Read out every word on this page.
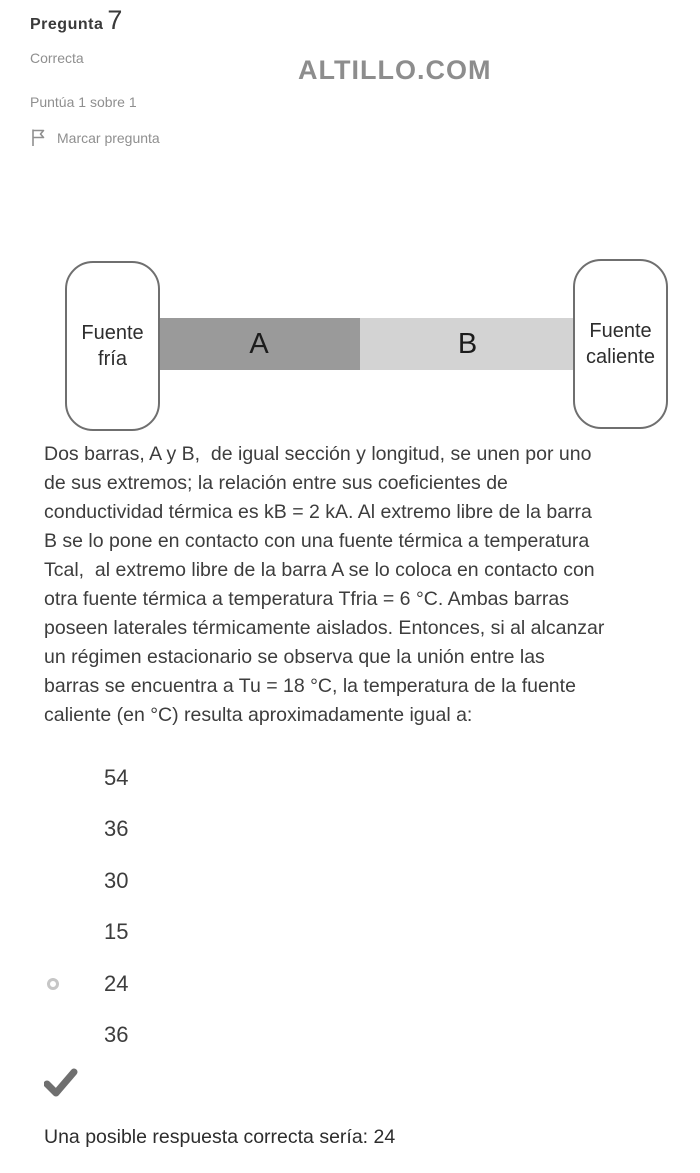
Pregunta 7
Correcta	ALTILLO.COM
Puntúa 1 sobre 1
Marcar pregunta
Fuente
fría	A	B	Fuente
caliente
Dos barras, A y B,  de igual sección y longitud, se unen por uno
de sus extremos; la relación entre sus coeficientes de
conductividad térmica es kB = 2 kA. Al extremo libre de la barra
B se lo pone en contacto con una fuente térmica a temperatura
Tcal,  al extremo libre de la barra A se lo coloca en contacto con
otra fuente térmica a temperatura Tfria = 6 °C. Ambas barras
poseen laterales térmicamente aislados. Entonces, si al alcanzar
un régimen estacionario se observa que la unión entre las
barras se encuentra a Tu = 18 °C, la temperatura de la fuente
caliente (en °C) resulta aproximadamente igual a:
54
36
30
15
24
36
Una posible respuesta correcta sería: 24
